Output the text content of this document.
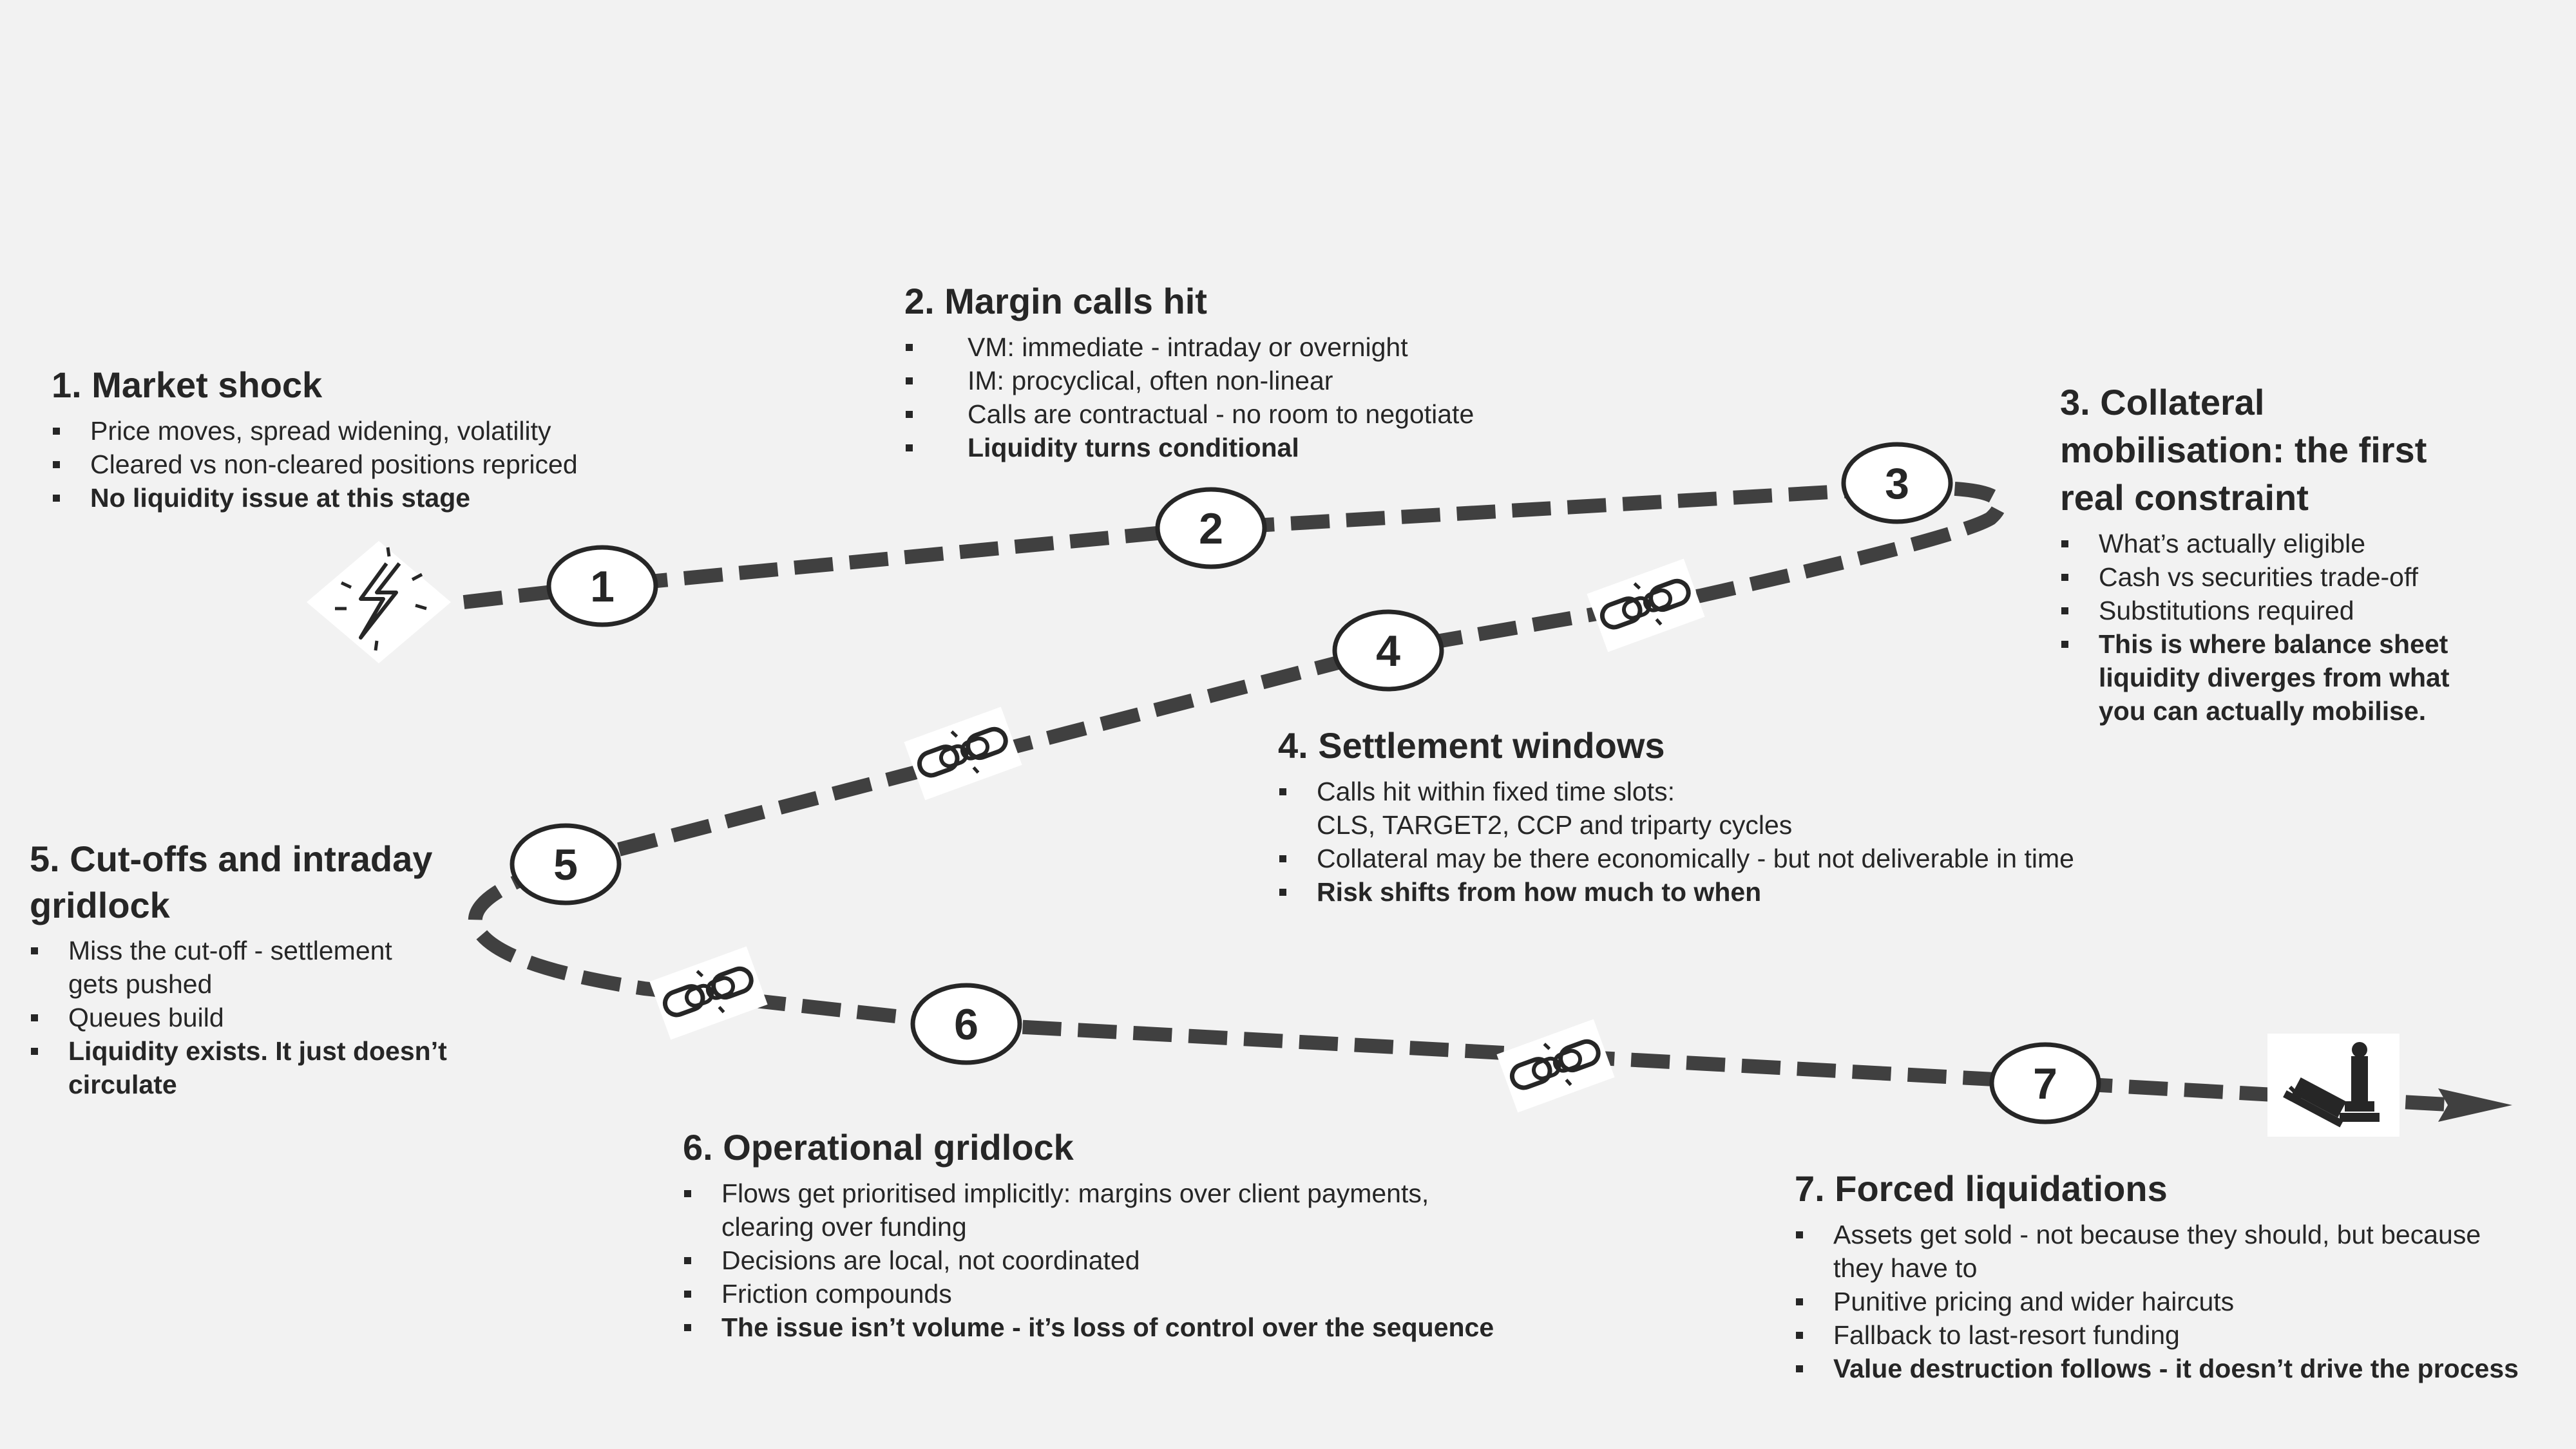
1
2
3
4
5
6
7
1. Market shock
Price moves, spread widening, volatility
Cleared vs non-cleared positions repriced
No liquidity issue at this stage
2. Margin calls hit
VM: immediate - intraday or overnight
IM: procyclical, often non-linear
Calls are contractual - no room to negotiate
Liquidity turns conditional
3. Collateral
mobilisation: the first
real constraint
What’s actually eligible
Cash vs securities trade-off
Substitutions required
This is where balance sheet
liquidity diverges from what
you can actually mobilise.
4. Settlement windows
Calls hit within fixed time slots:
CLS, TARGET2, CCP and triparty cycles
Collateral may be there economically - but not deliverable in time
Risk shifts from how much to when
5. Cut-offs and intraday
gridlock
Miss the cut-off - settlement
gets pushed
Queues build
Liquidity exists. It just doesn’t
circulate
6. Operational gridlock
Flows get prioritised implicitly: margins over client payments,
clearing over funding
Decisions are local, not coordinated
Friction compounds
The issue isn’t volume - it’s loss of control over the sequence
7. Forced liquidations
Assets get sold - not because they should, but because
they have to
Punitive pricing and wider haircuts
Fallback to last-resort funding
Value destruction follows - it doesn’t drive the process
